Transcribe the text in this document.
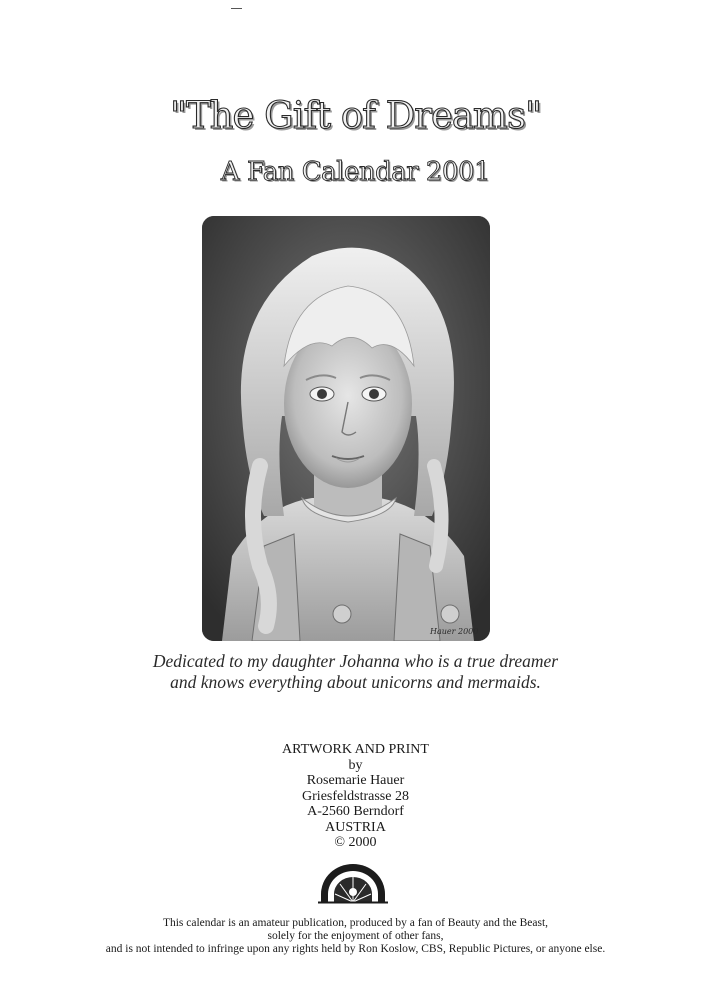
"The Gift of Dreams"
A Fan Calendar 2001
Hauer 2000
Dedicated to my daughter Johanna who is a true dreamer
and knows everything about unicorns and mermaids.
ARTWORK AND PRINT
by
Rosemarie Hauer
Griesfeldstrasse 28
A-2560 Berndorf
AUSTRIA
© 2000
This calendar is an amateur publication, produced by a fan of Beauty and the Beast,
solely for the enjoyment of other fans,
and is not intended to infringe upon any rights held by Ron Koslow, CBS, Republic Pictures, or anyone else.
